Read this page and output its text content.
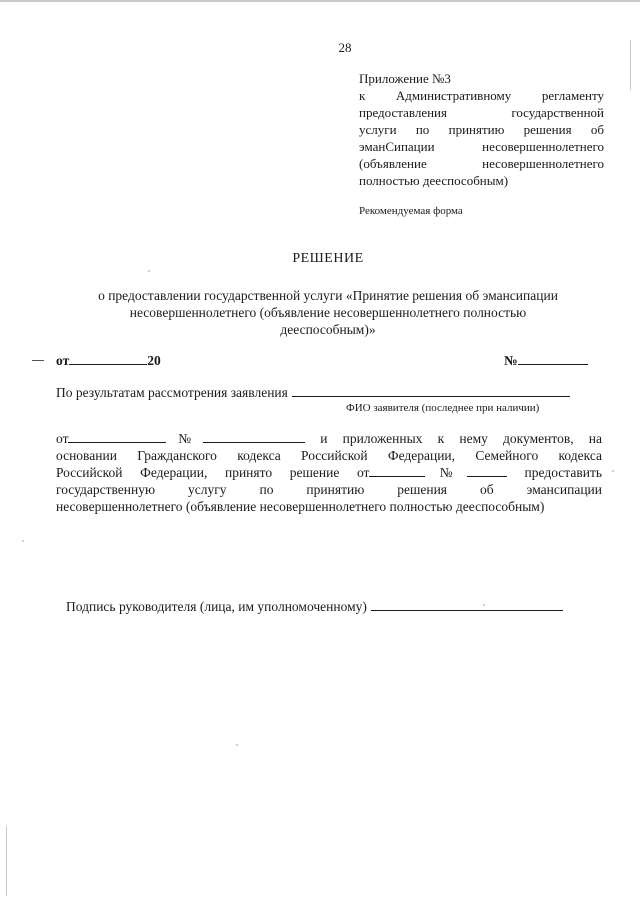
28
Приложение №3
к Административному регламенту
предоставления государственной
услуги по принятию решения об
эманСипации несовершеннолетнего
(объявление несовершеннолетнего
полностью дееспособным)
Рекомендуемая форма
РЕШЕНИЕ
о предоставлении государственной услуги «Принятие решения об эмансипации
несовершеннолетнего (объявление несовершеннолетнего полностью
дееспособным)»
от	20	№
По результатам рассмотрения заявления
ФИО заявителя (последнее при наличии)
от	№	и приложенных к нему документов, на
основании Гражданского кодекса Российской Федерации, Семейного кодекса
Российской Федерации, принято решение от	№	предоставить
государственную услугу по принятию решения об эмансипации
несовершеннолетнего (объявление несовершеннолетнего полностью дееспособным)
Подпись руководителя (лица, им уполномоченному)
